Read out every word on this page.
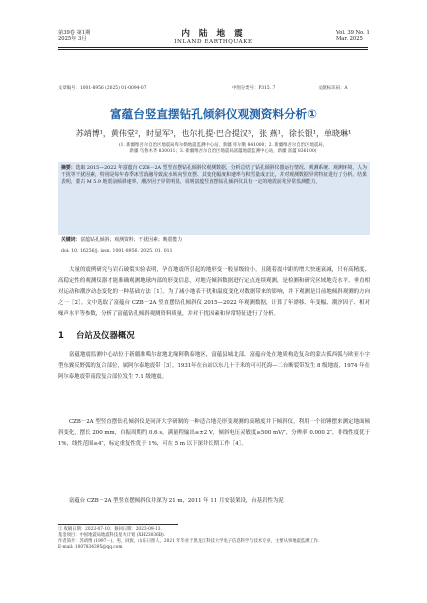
第39卷 第1期
2025年 3月
内 陆 地 震
INLAND EARTHQUAKE
Vol. 39 No. 1
Mar. 2025
文章编号：1001-8956 (2025) 01-0094-07	中图分类号：P315. 7	文献标识码：A
富蕴台竖直摆钻孔倾斜仪观测资料分析①
苏靖博¹，黄伟堂²，时显军³，也尔扎提·巴合提汉³，张 燕¹，徐长银¹，单晓琳¹
(1. 新疆维吾尔自治区地震局库尔勒地震监测中心站，新疆 库尔勒 841000；2. 新疆维吾尔自治区地震局，
新疆 乌鲁木齐 830011；3. 新疆维吾尔自治区地震局富蕴地震监测中心站，新疆 富蕴 836100)

摘要：选取 2015—2022 年富蕴台 CZB－2A 型竖直摆钻孔倾斜仪观测数据，分析总结了钻孔倾斜仪器运行情况、观测系统、观测环境、人为干扰等干扰因素，特别是每年春季冰雪消融导致流水转向竖直摆、其变化幅度和速率与积雪量成正比，并对观测数据异常特征进行了分析。结果表明，蒙古 M 5.9 地震前倾斜速率，潮汐因子异常明显，说明富蕴竖直摆钻孔倾斜仪具有一定的地震前兆异常监测能力。

关键词：富蕴钻孔倾斜；观测资料；干扰因素；映震能力
doi: 10. 16256/j. issn. 1001-8956. 2025. 01. 011

大量的震例研究与岩石破裂实验表明，孕育地震所引起的地形变一般显级较小，且随着震中距的增大快速衰减，只有高精度、高稳定性的观测仪器才能准确观测地球内部的形变信息，对地壳倾斜数据进行定点连续观测，是检测和研究区域地壳水平、垂直相对运动和潮汐动态变化的一种基础方法［1］。为了减小地表干扰和温度变化对数据带来的影响，井下观测是目前地倾斜观测的方向之一［2］。文中选取了富蕴台 CZB－2A 竖直摆钻孔倾斜仪 2015—2022 年观测数据，计算了年漂移、年变幅、潮汐因子、相对噪声水平等参数，分析了富蕴钻孔倾斜观测资料质量，并对干扰因素和异常特征进行了分析。

1 台站及仪器概况

富蕴地震监测中心站位于新疆准噶尔盆地北缘阿勒泰地区，富蕴县城北部。富蕴台处在地质构造复杂的蒙古孤西弧与欧亚小字型东翼反野弧的复合部位，属阿尔泰地震带［3］。1931年在台站以东几十千米的可可托海—二台断裂带发生 8 级地震，1974 年在阿尔泰地震带南段复合部位发生 7.1 级地震。

CZB－2A 型竖直摆钻孔倾斜仪是同济大学研制的一种适合地壳形变观测的高精度井下倾斜仪，利用一个铂锤摆来测定地面倾斜变化，摆长 200 mm，自振周期约 0.6 s，满量程输出≥±2 V，倾斜电压灵敏度≥500 mV/″，分辨率 0.000 2″，非线性度优于 1%，线性范围≥4″，标定重复性优于 1%，可在 5 m 以下深井长期工作［4］。

富蕴台 CZB－2A 型竖直摆倾斜仪井深为 21 m，2011 年 11 月安装架设，台基岩性为泥

① 收稿日期：2023-07-10；修回日期：2023-09-13.
基金项目：中国地震局地震科技星火计划 (XH23036B).
作者简介：苏靖博 (1997－)，男，回族，山东日照人，2021 年毕业于黑龙江科技大学电子信息科学与技术专业，主要从事地震监测工作.
E-mail: 1007834395@qq.com
